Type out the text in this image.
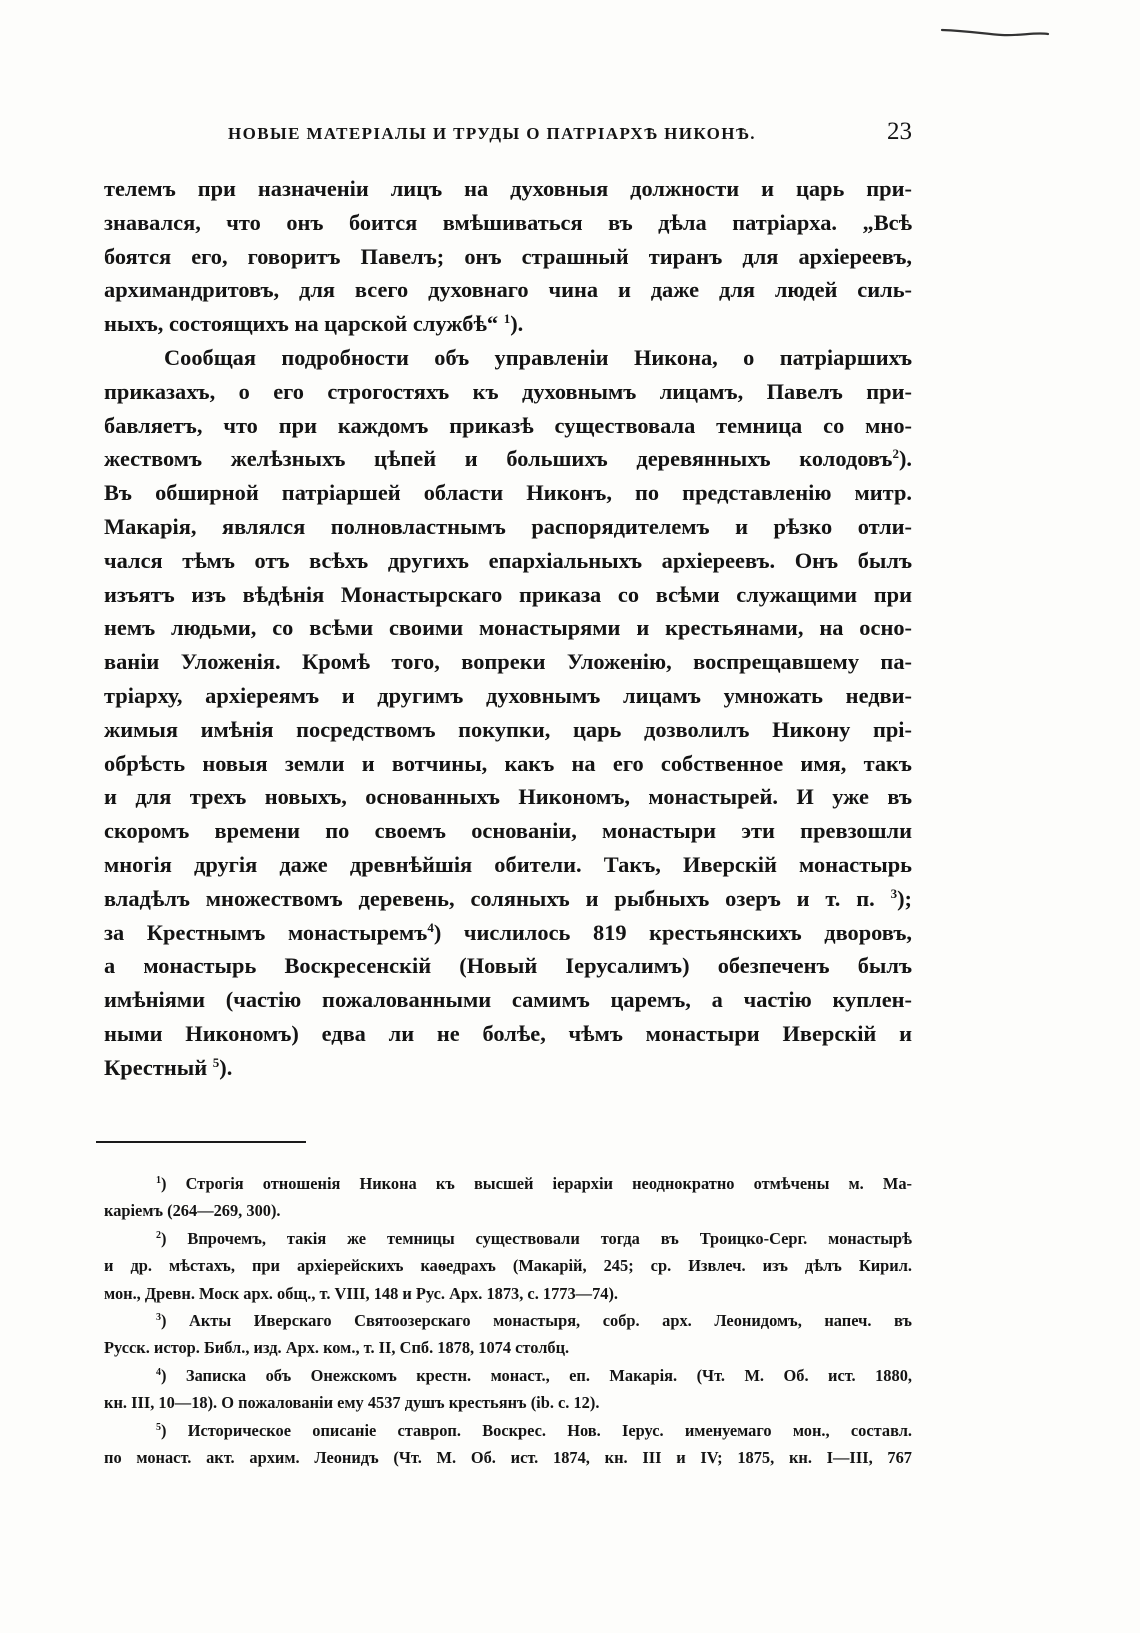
НОВЫЕ МАТЕРІАЛЫ И ТРУДЫ О ПАТРІАРХѢ НИКОНѢ.	23
телемъ при назначеніи лицъ на духовныя должности и царь при-
знавался, что онъ боится вмѣшиваться въ дѣла патріарха. „Всѣ
боятся его, говоритъ Павелъ; онъ страшный тиранъ для архіереевъ,
архимандритовъ, для всего духовнаго чина и даже для людей силь-
ныхъ, состоящихъ на царской службѣ“ $^1$).
Сообщая подробности объ управленіи Никона, о патріаршихъ
приказахъ, о его строгостяхъ къ духовнымъ лицамъ, Павелъ при-
бавляетъ, что при каждомъ приказѣ существовала темница со мно-
жествомъ желѣзныхъ цѣпей и большихъ деревянныхъ колодовъ$^2$).
Въ обширной патріаршей области Никонъ, по представленію митр.
Макарія, являлся полновластнымъ распорядителемъ и рѣзко отли-
чался тѣмъ отъ всѣхъ другихъ епархіальныхъ архіереевъ. Онъ былъ
изъятъ изъ вѣдѣнія Монастырскаго приказа со всѣми служащими при
немъ людьми, со всѣми своими монастырями и крестьянами, на осно-
ваніи Уложенія. Кромѣ того, вопреки Уложенію, воспрещавшему па-
тріарху, архіереямъ и другимъ духовнымъ лицамъ умножать недви-
жимыя имѣнія посредствомъ покупки, царь дозволилъ Никону прі-
обрѣсть новыя земли и вотчины, какъ на его собственное имя, такъ
и для трехъ новыхъ, основанныхъ Никономъ, монастырей. И уже въ
скоромъ времени по своемъ основаніи, монастыри эти превзошли
многія другія даже древнѣйшія обители. Такъ, Иверскій монастырь
владѣлъ множествомъ деревень, соляныхъ и рыбныхъ озеръ и т. п. $^3$);
за Крестнымъ монастыремъ$^4$) числилось 819 крестьянскихъ дворовъ,
а монастырь Воскресенскій (Новый Іерусалимъ) обезпеченъ былъ
имѣніями (частію пожалованными самимъ царемъ, а частію куплен-
ными Никономъ) едва ли не болѣе, чѣмъ монастыри Иверскій и
Крестный $^5$).
$^1$) Строгія отношенія Никона къ высшей іерархіи неоднократно отмѣчены м. Ма-
каріемъ (264—269, 300).
$^2$) Впрочемъ, такія же темницы существовали тогда въ Троицко-Серг. монастырѣ
и др. мѣстахъ, при архіерейскихъ каѳедрахъ (Макарій, 245; ср. Извлеч. изъ дѣлъ Кирил.
мон., Древн. Моск арх. общ., т. VIII, 148 и Рус. Арх. 1873, с. 1773—74).
$^3$) Акты Иверскаго Святоозерскаго монастыря, собр. арх. Леонидомъ, напеч. въ
Русск. истор. Библ., изд. Арх. ком., т. II, Спб. 1878, 1074 столбц.
$^4$) Записка объ Онежскомъ крестн. монаст., еп. Макарія. (Чт. М. Об. ист. 1880,
кн. III, 10—18). О пожалованіи ему 4537 душъ крестьянъ (ib. с. 12).
$^5$) Историческое описаніе ставроп. Воскрес. Нов. Іерус. именуемаго мон., составл.
по монаст. акт. архим. Леонидъ (Чт. М. Об. ист. 1874, кн. III и IV; 1875, кн. I—III, 767
